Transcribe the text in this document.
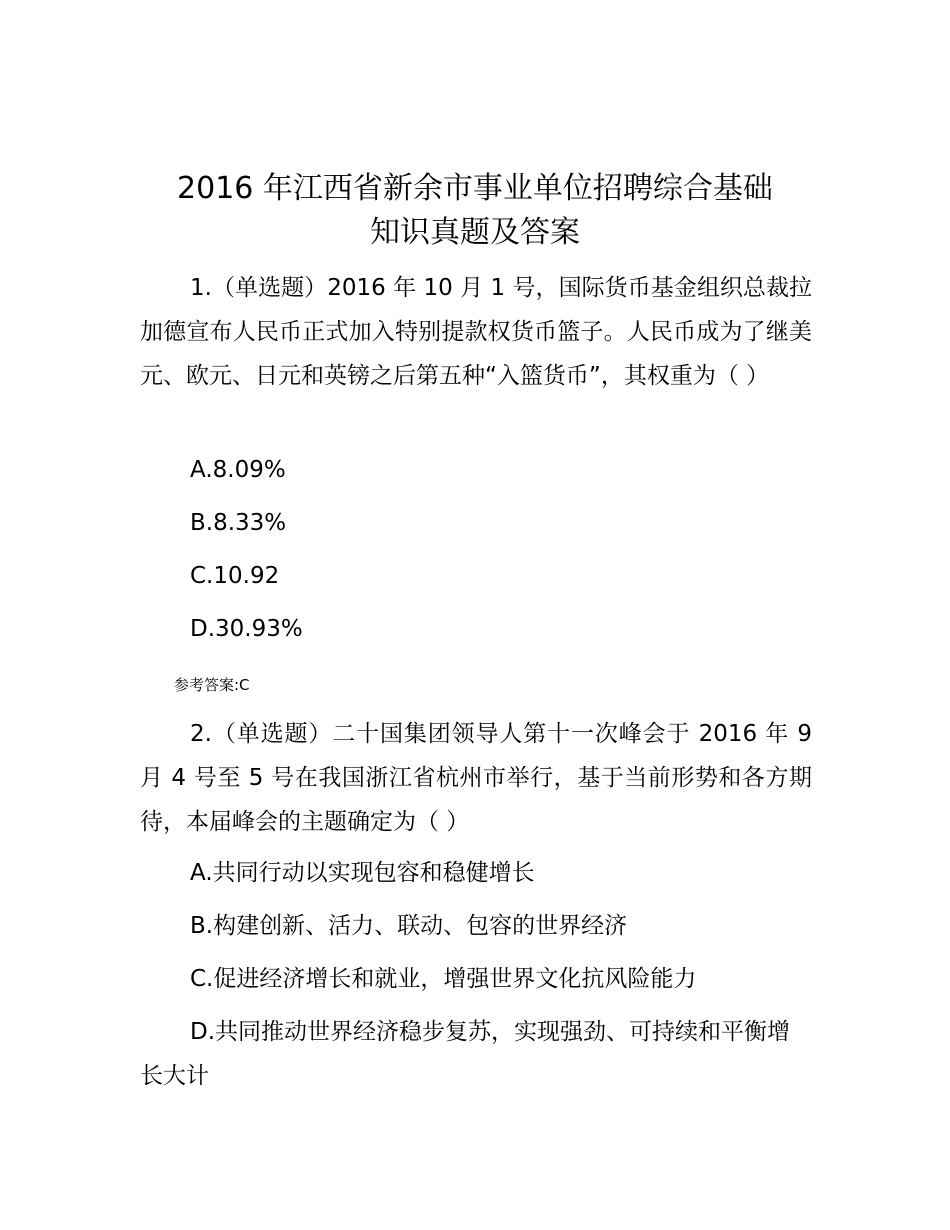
2016 年江西省新余市事业单位招聘综合基础
知识真题及答案

1.（单选题）2016 年 10 月 1 号，国际货币基金组织总裁拉加德宣布人民币正式加入特别提款权货币篮子。人民币成为了继美元、欧元、日元和英镑之后第五种“入篮货币”，其权重为（ ）

A.8.09%

B.8.33%

C.10.92

D.30.93%

参考答案:C

2.（单选题）二十国集团领导人第十一次峰会于 2016 年 9 月 4 号至 5 号在我国浙江省杭州市举行，基于当前形势和各方期待，本届峰会的主题确定为（ ）

A.共同行动以实现包容和稳健增长

B.构建创新、活力、联动、包容的世界经济

C.促进经济增长和就业，增强世界文化抗风险能力

D.共同推动世界经济稳步复苏，实现强劲、可持续和平衡增长大计
